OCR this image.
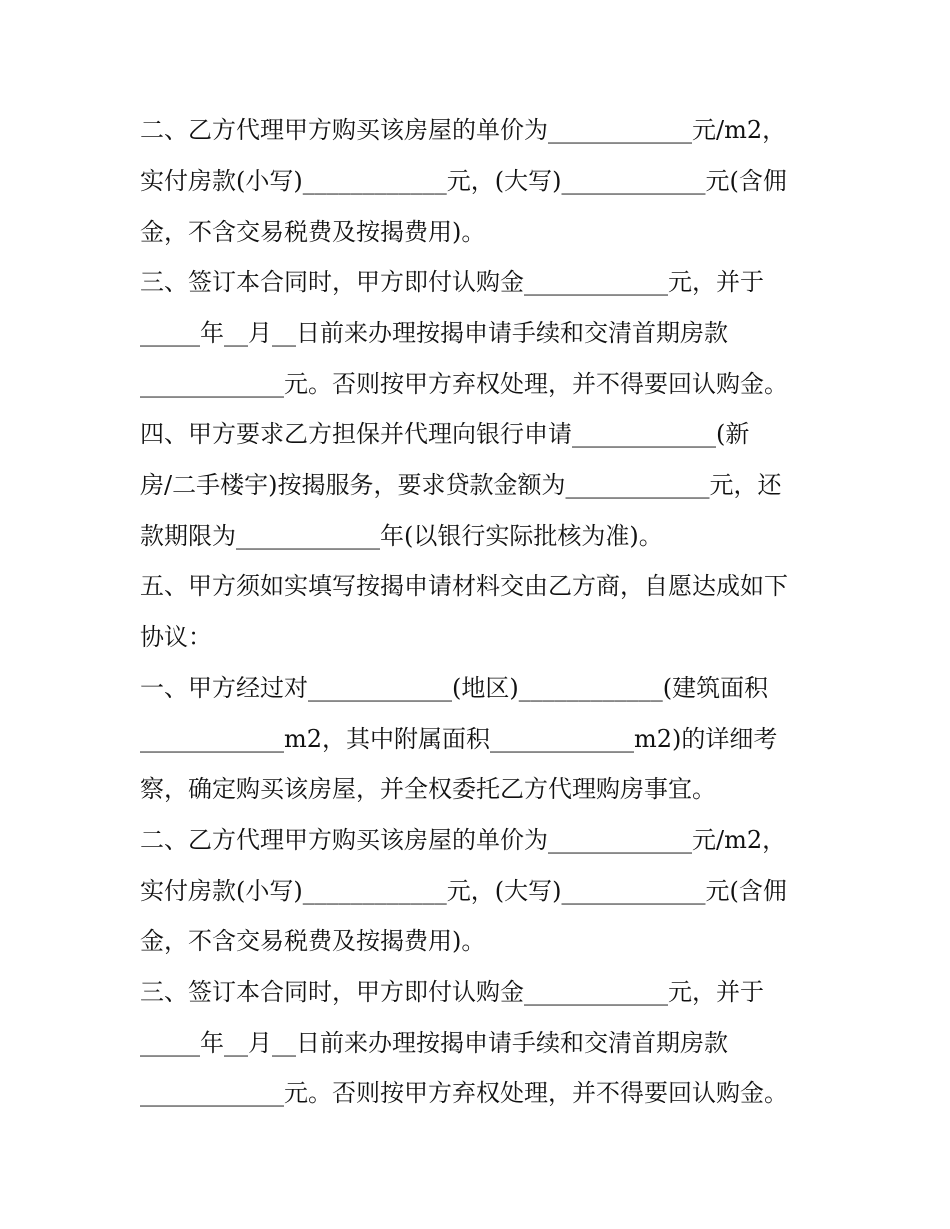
二、乙方代理甲方购买该房屋的单价为____________元/m2，
实付房款(小写)____________元，(大写)____________元(含佣
金，不含交易税费及按揭费用)。
三、签订本合同时，甲方即付认购金____________元，并于
_____年__月__日前来办理按揭申请手续和交清首期房款
____________元。否则按甲方弃权处理，并不得要回认购金。
四、甲方要求乙方担保并代理向银行申请____________(新
房/二手楼宇)按揭服务，要求贷款金额为____________元，还
款期限为____________年(以银行实际批核为准)。
五、甲方须如实填写按揭申请材料交由乙方商，自愿达成如下
协议：
一、甲方经过对____________(地区)____________(建筑面积
____________m2，其中附属面积____________m2)的详细考
察，确定购买该房屋，并全权委托乙方代理购房事宜。
二、乙方代理甲方购买该房屋的单价为____________元/m2，
实付房款(小写)____________元，(大写)____________元(含佣
金，不含交易税费及按揭费用)。
三、签订本合同时，甲方即付认购金____________元，并于
_____年__月__日前来办理按揭申请手续和交清首期房款
____________元。否则按甲方弃权处理，并不得要回认购金。
